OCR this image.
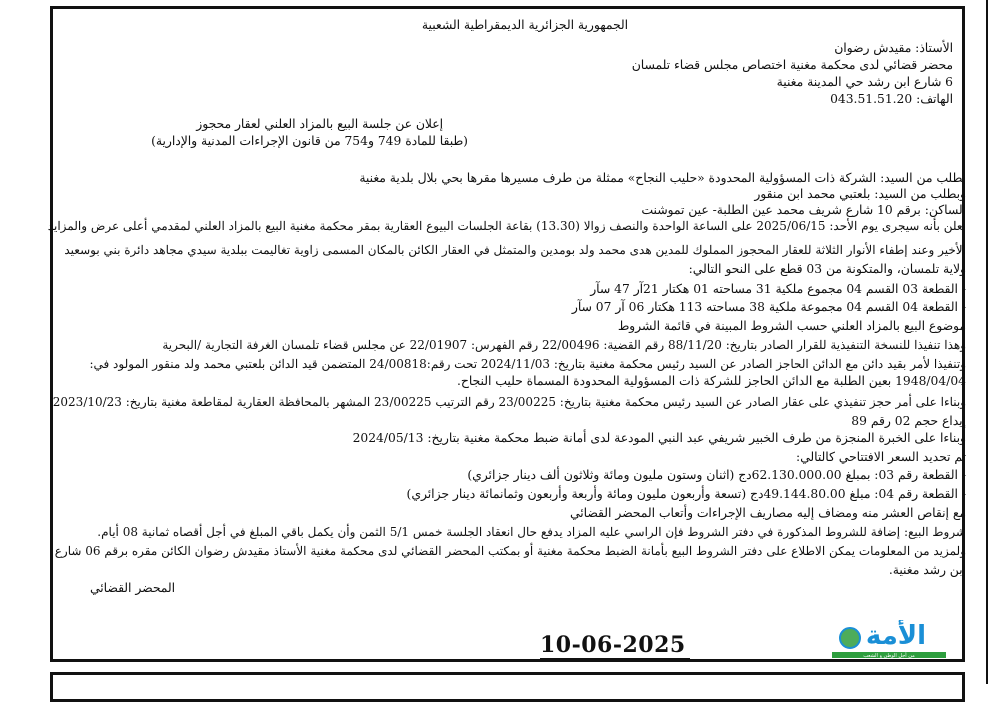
الجمهورية الجزائرية الديمقراطية الشعبية
الأستاذ: مقيدش رضوان
محضر قضائي لدى محكمة مغنية اختصاص مجلس قضاء تلمسان
6 شارع ابن رشد حي المدينة مغنية
الهاتف: 043.51.51.20
إعلان عن جلسة البيع بالمزاد العلني لعقار محجوز
(طبقا للمادة 749 و754 من قانون الإجراءات المدنية والإدارية)
بطلب من السيد: الشركة ذات المسؤولية المحدودة «حليب النجاح» ممثلة من طرف مسيرها مقرها بحي بلال بلدية مغنية
وبطلب من السيد: بلعتبي محمد ابن منقور
الساكن: برقم 10 شارع شريف محمد عين الطلبة- عين تموشنت
نعلن بأنه سيجرى يوم الأحد: 2025/06/15 على الساعة الواحدة والنصف زوالا (13.30) بقاعة الجلسات البيوع العقارية بمقر محكمة مغنية البيع بالمزاد العلني لمقدمي أعلى عرض والمزايد
الأخير وعند إطفاء الأنوار الثلاثة للعقار المحجوز المملوك للمدين هدى محمد ولد بومدين والمتمثل في العقار الكائن بالمكان المسمى زاوية تغاليمت ببلدية سيدي مجاهد دائرة بني بوسعيد
ولاية تلمسان، والمتكونة من 03 قطع على النحو التالي:
- القطعة 03 القسم 04 مجموع ملكية 31 مساحته 01 هكتار 21آر 47 سآر
- القطعة 04 القسم 04 مجموعة ملكية 38 مساحته 113 هكتار 06 آر 07 سآر
موضوع البيع بالمزاد العلني حسب الشروط المبينة في قائمة الشروط
وهذا تنفيذا للنسخة التنفيذية للقرار الصادر بتاريخ: 88/11/20 رقم القضية: 22/00496 رقم الفهرس: 22/01907 عن مجلس قضاء تلمسان الغرفة التجارية /البحرية
وتنفيذا لأمر بقيد دائن مع الدائن الحاجز الصادر عن السيد رئيس محكمة مغنية بتاريخ: 2024/11/03 تحت رقم:24/00818 المتضمن قيد الدائن بلعتبي محمد ولد منقور المولود في:
1948/04/04 بعين الطلبة مع الدائن الحاجز للشركة ذات المسؤولية المحدودة المسماة حليب النجاح.
وبناءا على أمر حجز تنفيذي على عقار الصادر عن السيد رئيس محكمة مغنية بتاريخ: 23/00225 رقم الترتيب 23/00225 المشهر بالمحافظة العقارية لمقاطعة مغنية بتاريخ: 2023/10/23
إيداع حجم 02 رقم 89
وبناءا على الخبرة المنجزة من طرف الخبير شريفي عبد النبي المودعة لدى أمانة ضبط محكمة مغنية بتاريخ: 2024/05/13
تم تحديد السعر الافتتاحي كالتالي:
- القطعة رقم 03: بمبلغ 62.130.000.00دج (اثنان وستون مليون ومائة وثلاثون ألف دينار جزائري)
- القطعة رقم 04: مبلغ 49.144.80.00دج (تسعة وأربعون مليون ومائة وأربعة وأربعون وثمانمائة دينار جزائري)
مع إنقاص العشر منه ومضاف إليه مصاريف الإجراءات وأتعاب المحضر القضائي
شروط البيع: إضافة للشروط المذكورة في دفتر الشروط فإن الراسي عليه المزاد يدفع حال انعقاد الجلسة خمس 5/1 الثمن وأن يكمل باقي المبلغ في أجل أقصاه ثمانية 08 أيام.
ولمزيد من المعلومات يمكن الاطلاع على دفتر الشروط البيع بأمانة الضبط محكمة مغنية أو بمكتب المحضر القضائي لدى محكمة مغنية الأستاذ مقيدش رضوان الكائن مقره برقم 06 شارع
ابن رشد مغنية.
المحضر القضائي
10-06-2025	الأمة
من أجل الوطن و الشعب
